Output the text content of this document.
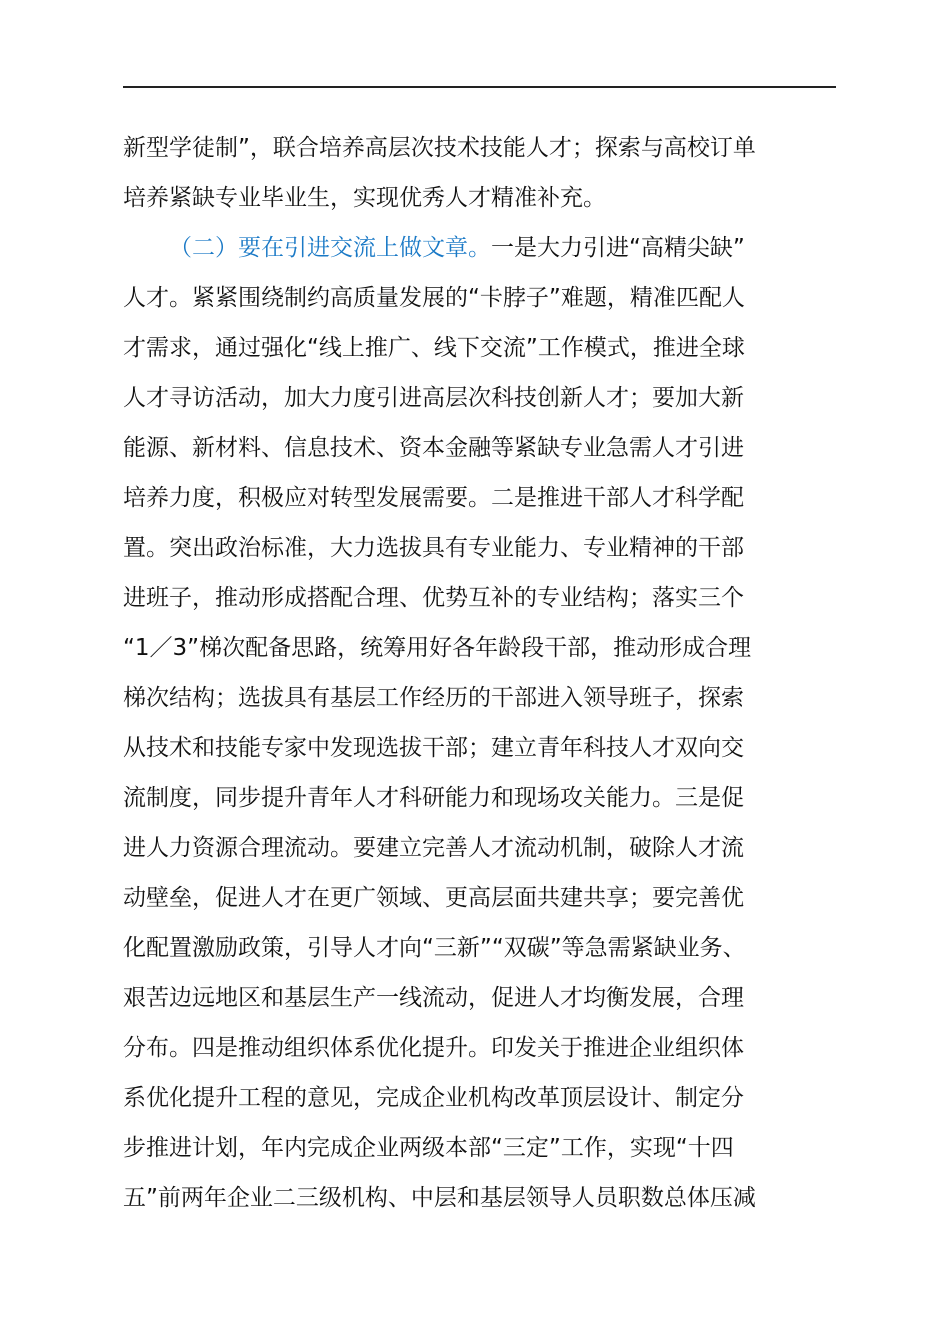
新型学徒制”，联合培养高层次技术技能人才；探索与高校订单
培养紧缺专业毕业生，实现优秀人才精准补充。
（二）要在引进交流上做文章。一是大力引进“高精尖缺”
人才。紧紧围绕制约高质量发展的“卡脖子”难题，精准匹配人
才需求，通过强化“线上推广、线下交流”工作模式，推进全球
人才寻访活动，加大力度引进高层次科技创新人才；要加大新
能源、新材料、信息技术、资本金融等紧缺专业急需人才引进
培养力度，积极应对转型发展需要。二是推进干部人才科学配
置。突出政治标准，大力选拔具有专业能力、专业精神的干部
进班子，推动形成搭配合理、优势互补的专业结构；落实三个
“1／3”梯次配备思路，统筹用好各年龄段干部，推动形成合理
梯次结构；选拔具有基层工作经历的干部进入领导班子，探索
从技术和技能专家中发现选拔干部；建立青年科技人才双向交
流制度，同步提升青年人才科研能力和现场攻关能力。三是促
进人力资源合理流动。要建立完善人才流动机制，破除人才流
动壁垒，促进人才在更广领域、更高层面共建共享；要完善优
化配置激励政策，引导人才向“三新”“双碳”等急需紧缺业务、
艰苦边远地区和基层生产一线流动，促进人才均衡发展，合理
分布。四是推动组织体系优化提升。印发关于推进企业组织体
系优化提升工程的意见，完成企业机构改革顶层设计、制定分
步推进计划，年内完成企业两级本部“三定”工作，实现“十四
五”前两年企业二三级机构、中层和基层领导人员职数总体压减
